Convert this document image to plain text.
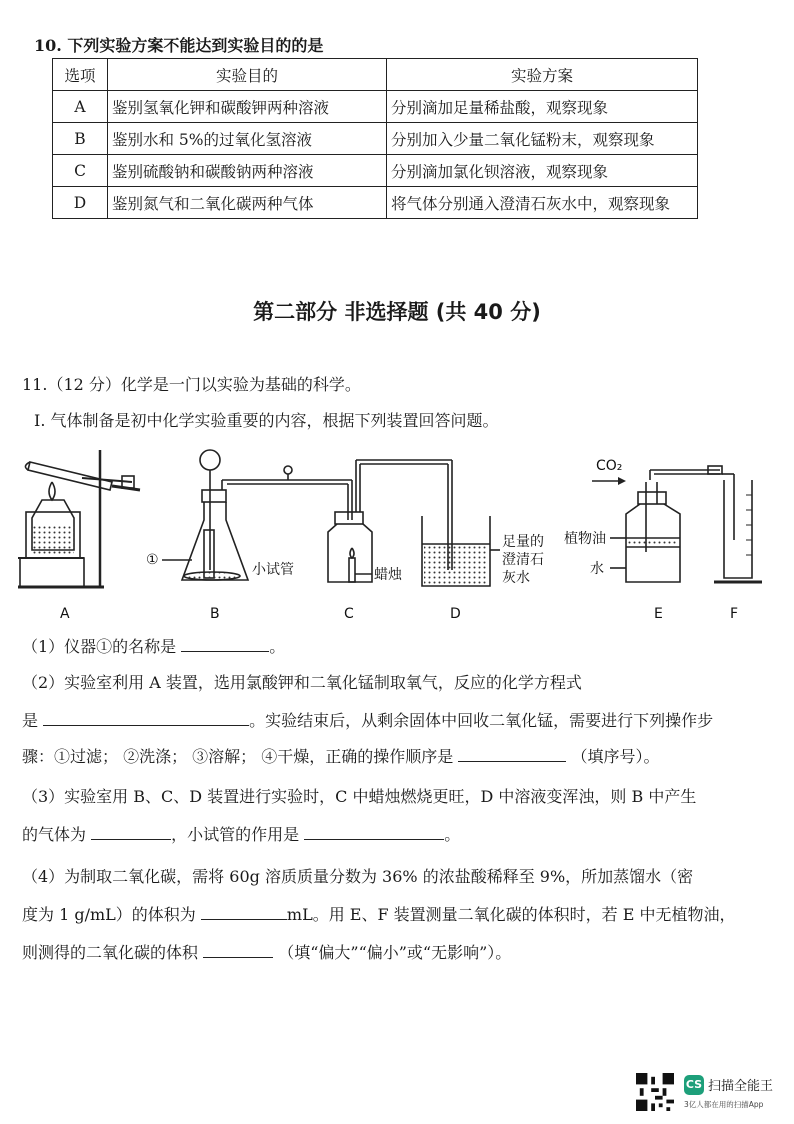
10. 下列实验方案不能达到实验目的的是
选项	实验目的	实验方案
A	鉴别氢氧化钾和碳酸钾两种溶液	分别滴加足量稀盐酸，观察现象
B	鉴别水和 5%的过氧化氢溶液	分别加入少量二氧化锰粉末，观察现象
C	鉴别硫酸钠和碳酸钠两种溶液	分别滴加氯化钡溶液，观察现象
D	鉴别氮气和二氧化碳两种气体	将气体分别通入澄清石灰水中，观察现象
第二部分 非选择题 (共 40 分)
11.（12 分）化学是一门以实验为基础的科学。
I. 气体制备是初中化学实验重要的内容，根据下列装置回答问题。
①
小试管	蜡烛
足量的
澄清石
灰水
CO₂
植物油
水
A	B	C	D	E	F
（1）仪器①的名称是	。
（2）实验室利用 A 装置，选用氯酸钾和二氧化锰制取氧气，反应的化学方程式
是	。实验结束后，从剩余固体中回收二氧化锰，需要进行下列操作步
骤：①过滤； ②洗涤； ③溶解； ④干燥，正确的操作顺序是	（填序号）。
（3）实验室用 B、C、D 装置进行实验时，C 中蜡烛燃烧更旺，D 中溶液变浑浊，则 B 中产生
的气体为	，小试管的作用是	。
（4）为制取二氧化碳，需将 60g 溶质质量分数为 36% 的浓盐酸稀释至 9%，所加蒸馏水（密
度为 1 g/mL）的体积为	mL。用 E、F 装置测量二氧化碳的体积时，若 E 中无植物油，
则测得的二氧化碳的体积	（填“偏大”“偏小”或“无影响”）。
CS 扫描全能王
3亿人都在用的扫描App
